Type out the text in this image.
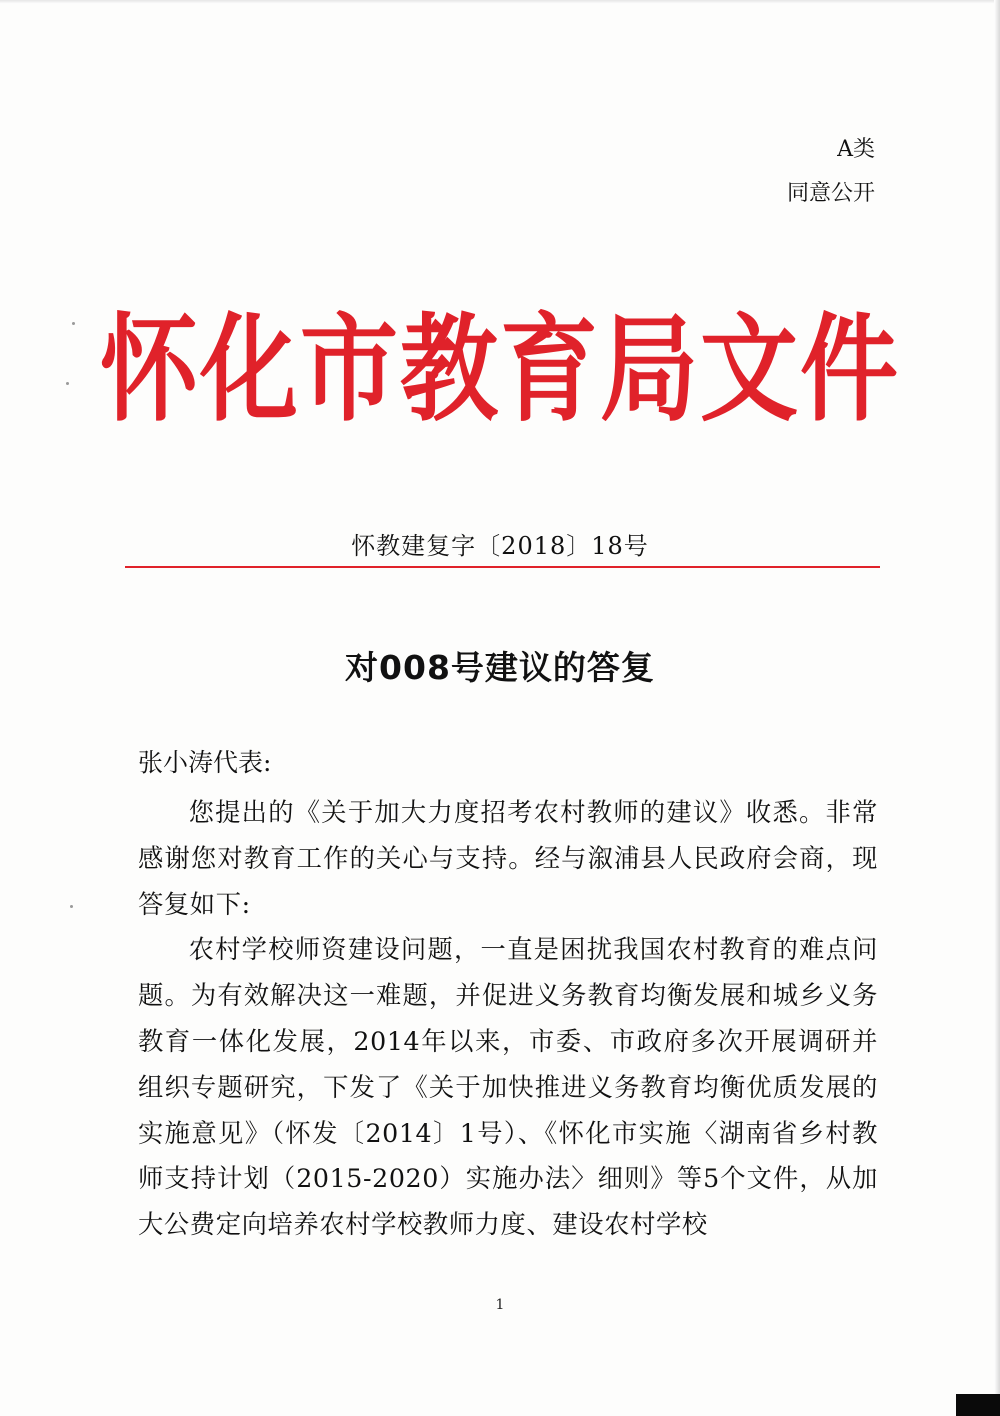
A类
同意公开
怀化市教育局文件
怀教建复字〔2018〕18号
对008号建议的答复
张小涛代表:

您提出的《关于加大力度招考农村教师的建议》收悉。非常感谢您对教育工作的关心与支持。经与溆浦县人民政府会商，现答复如下:

农村学校师资建设问题，一直是困扰我国农村教育的难点问题。为有效解决这一难题，并促进义务教育均衡发展和城乡义务教育一体化发展，2014年以来，市委、市政府多次开展调研并组织专题研究，下发了《关于加快推进义务教育均衡优质发展的实施意见》（怀发〔2014〕1号）、《怀化市实施〈湖南省乡村教师支持计划（2015-2020）实施办法〉细则》等5个文件，从加大公费定向培养农村学校教师力度、建设农村学校

1
